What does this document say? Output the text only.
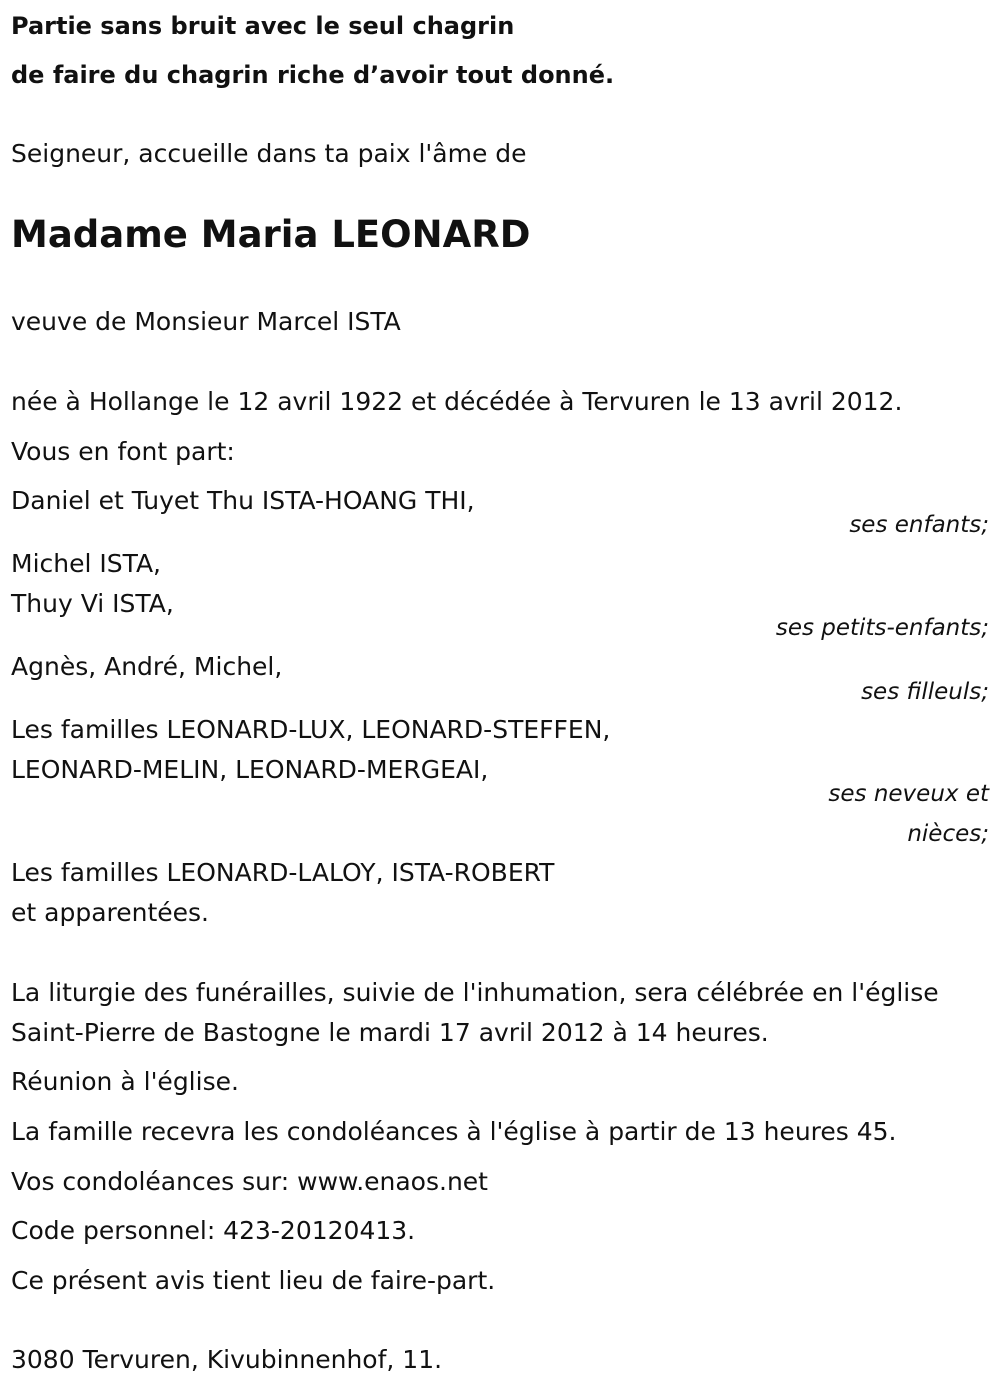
Partie sans bruit avec le seul chagrin
de faire du chagrin riche d’avoir tout donné.
Seigneur, accueille dans ta paix l'âme de
Madame Maria LEONARD
veuve de Monsieur Marcel ISTA
née à Hollange le 12 avril 1922 et décédée à Tervuren le 13 avril 2012.
Vous en font part:
Daniel et Tuyet Thu ISTA-HOANG THI,
ses enfants;
Michel ISTA,
Thuy Vi ISTA,
ses petits-enfants;
Agnès, André, Michel,
ses filleuls;
Les familles LEONARD-LUX, LEONARD-STEFFEN,
LEONARD-MELIN, LEONARD-MERGEAI,
ses neveux et
nièces;
Les familles LEONARD-LALOY, ISTA-ROBERT
et apparentées.
La liturgie des funérailles, suivie de l'inhumation, sera célébrée en l'église
Saint-Pierre de Bastogne le mardi 17 avril 2012 à 14 heures.
Réunion à l'église.
La famille recevra les condoléances à l'église à partir de 13 heures 45.
Vos condoléances sur: www.enaos.net
Code personnel: 423-20120413.
Ce présent avis tient lieu de faire-part.
3080 Tervuren, Kivubinnenhof, 11.
